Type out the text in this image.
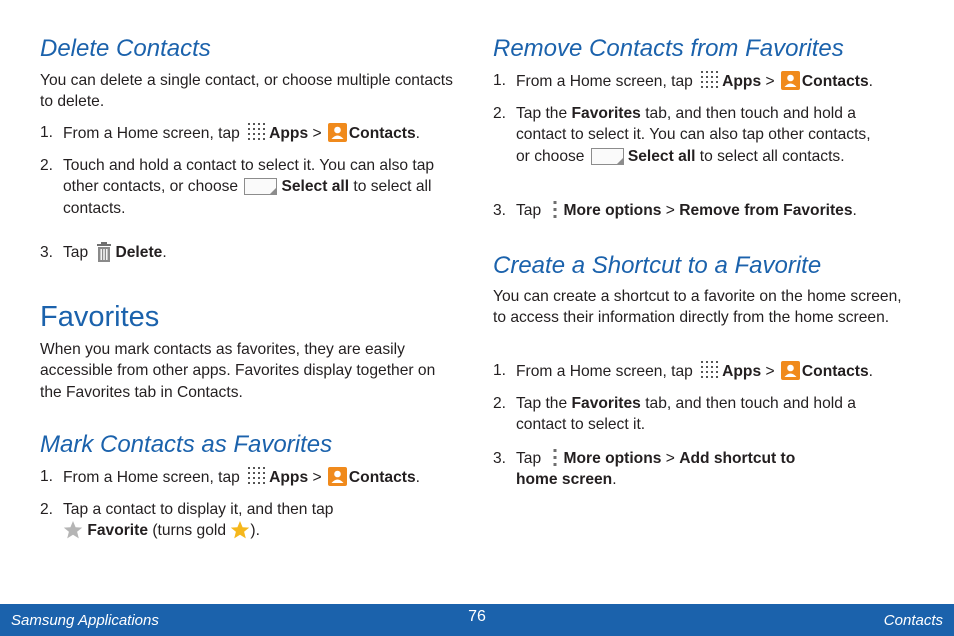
Delete Contacts
You can delete a single contact, or choose multiple contacts to delete.
1. From a Home screen, tap Apps > Contacts.
2. Touch and hold a contact to select it. You can also tap other contacts, or choose	Select all to select all contacts.
3. Tap Delete.
Favorites
When you mark contacts as favorites, they are easily accessible from other apps. Favorites display together on the Favorites tab in Contacts.
Mark Contacts as Favorites
1. From a Home screen, tap Apps > Contacts.
2. Tap a contact to display it, and then tap
Favorite (turns gold ).
Remove Contacts from Favorites
1. From a Home screen, tap Apps > Contacts.
2. Tap the Favorites tab, and then touch and hold a contact to select it. You can also tap other contacts, or choose	Select all to select all contacts.
3. Tap More options > Remove from Favorites.
Create a Shortcut to a Favorite
You can create a shortcut to a favorite on the home screen, to access their information directly from the home screen.
1. From a Home screen, tap Apps > Contacts.
2. Tap the Favorites tab, and then touch and hold a contact to select it.
3. Tap More options > Add shortcut to home screen.
Samsung Applications	76	Contacts
